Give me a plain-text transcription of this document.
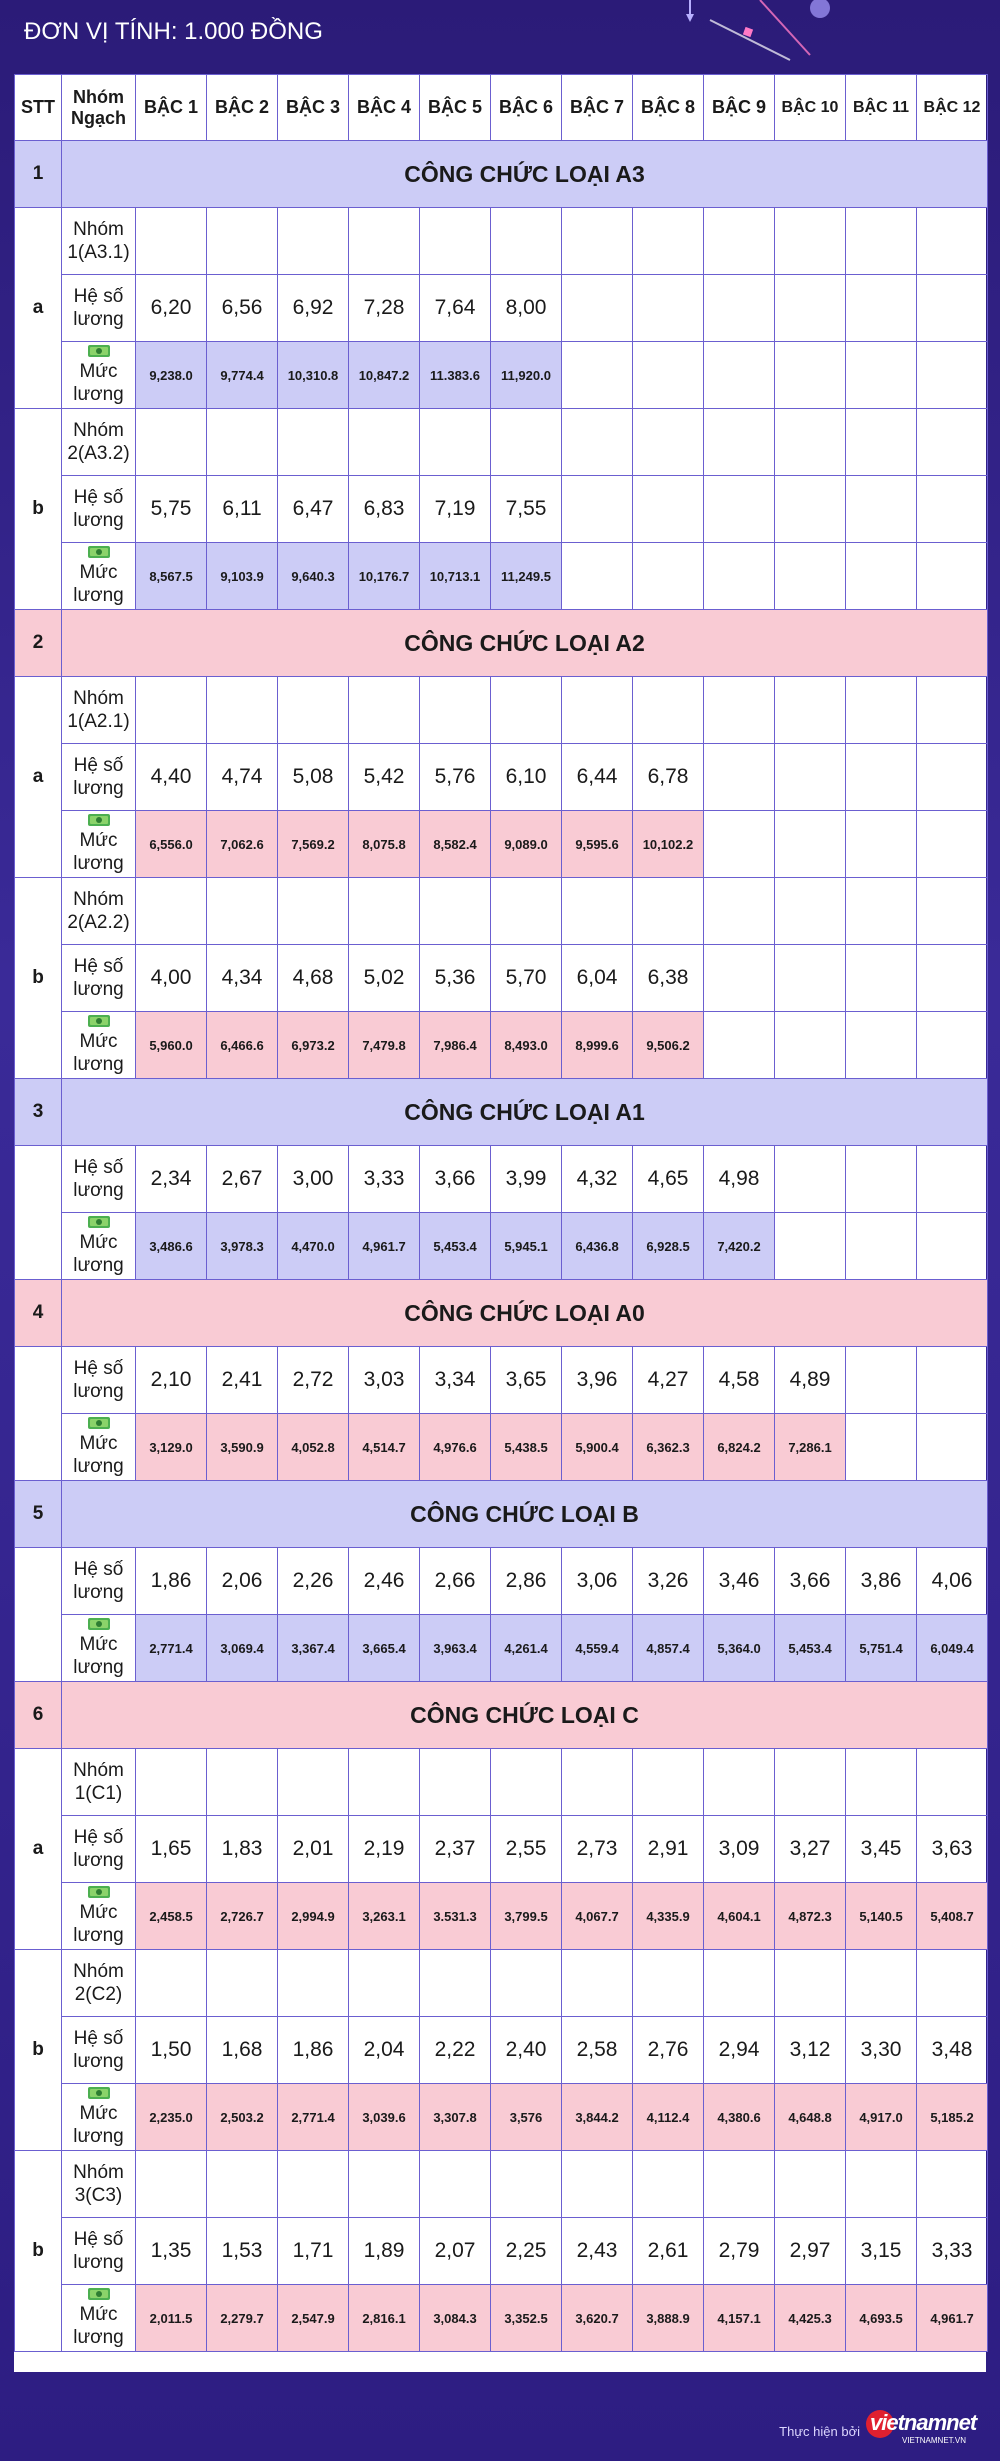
ĐƠN VỊ TÍNH: 1.000 ĐỒNG
STT	Nhóm Ngạch	BẬC 1	BẬC 2	BẬC 3	BẬC 4	BẬC 5	BẬC 6	BẬC 7	BẬC 8	BẬC 9	BẬC 10	BẬC 11	BẬC 12
1	CÔNG CHỨC LOẠI A3												
a	Nhóm 1(A3.1)												
	Hệ số lương	6,20	6,56	6,92	7,28	7,64	8,00						

Mức lương	9,238.0	9,774.4	10,310.8	10,847.2	11.383.6	11,920.0						
b	Nhóm 2(A3.2)												
	Hệ số lương	5,75	6,11	6,47	6,83	7,19	7,55						

Mức lương	8,567.5	9,103.9	9,640.3	10,176.7	10,713.1	11,249.5						
2	CÔNG CHỨC LOẠI A2												
a	Nhóm 1(A2.1)												
	Hệ số lương	4,40	4,74	5,08	5,42	5,76	6,10	6,44	6,78				

Mức lương	6,556.0	7,062.6	7,569.2	8,075.8	8,582.4	9,089.0	9,595.6	10,102.2				
b	Nhóm 2(A2.2)												
	Hệ số lương	4,00	4,34	4,68	5,02	5,36	5,70	6,04	6,38				

Mức lương	5,960.0	6,466.6	6,973.2	7,479.8	7,986.4	8,493.0	8,999.6	9,506.2				
3	CÔNG CHỨC LOẠI A1												
	Hệ số lương	2,34	2,67	3,00	3,33	3,66	3,99	4,32	4,65	4,98			

Mức lương	3,486.6	3,978.3	4,470.0	4,961.7	5,453.4	5,945.1	6,436.8	6,928.5	7,420.2			
4	CÔNG CHỨC LOẠI A0												
	Hệ số lương	2,10	2,41	2,72	3,03	3,34	3,65	3,96	4,27	4,58	4,89		

Mức lương	3,129.0	3,590.9	4,052.8	4,514.7	4,976.6	5,438.5	5,900.4	6,362.3	6,824.2	7,286.1		
5	CÔNG CHỨC LOẠI B												
	Hệ số lương	1,86	2,06	2,26	2,46	2,66	2,86	3,06	3,26	3,46	3,66	3,86	4,06

Mức lương	2,771.4	3,069.4	3,367.4	3,665.4	3,963.4	4,261.4	4,559.4	4,857.4	5,364.0	5,453.4	5,751.4	6,049.4
6	CÔNG CHỨC LOẠI C												
a	Nhóm 1(C1)												
	Hệ số lương	1,65	1,83	2,01	2,19	2,37	2,55	2,73	2,91	3,09	3,27	3,45	3,63

Mức lương	2,458.5	2,726.7	2,994.9	3,263.1	3.531.3	3,799.5	4,067.7	4,335.9	4,604.1	4,872.3	5,140.5	5,408.7
b	Nhóm 2(C2)												
	Hệ số lương	1,50	1,68	1,86	2,04	2,22	2,40	2,58	2,76	2,94	3,12	3,30	3,48

Mức lương	2,235.0	2,503.2	2,771.4	3,039.6	3,307.8	3,576	3,844.2	4,112.4	4,380.6	4,648.8	4,917.0	5,185.2
b	Nhóm 3(C3)												
	Hệ số lương	1,35	1,53	1,71	1,89	2,07	2,25	2,43	2,61	2,79	2,97	3,15	3,33

Mức lương	2,011.5	2,279.7	2,547.9	2,816.1	3,084.3	3,352.5	3,620.7	3,888.9	4,157.1	4,425.3	4,693.5	4,961.7
Thực hiện bởi vietnamnet
VIETNAMNET.VN
